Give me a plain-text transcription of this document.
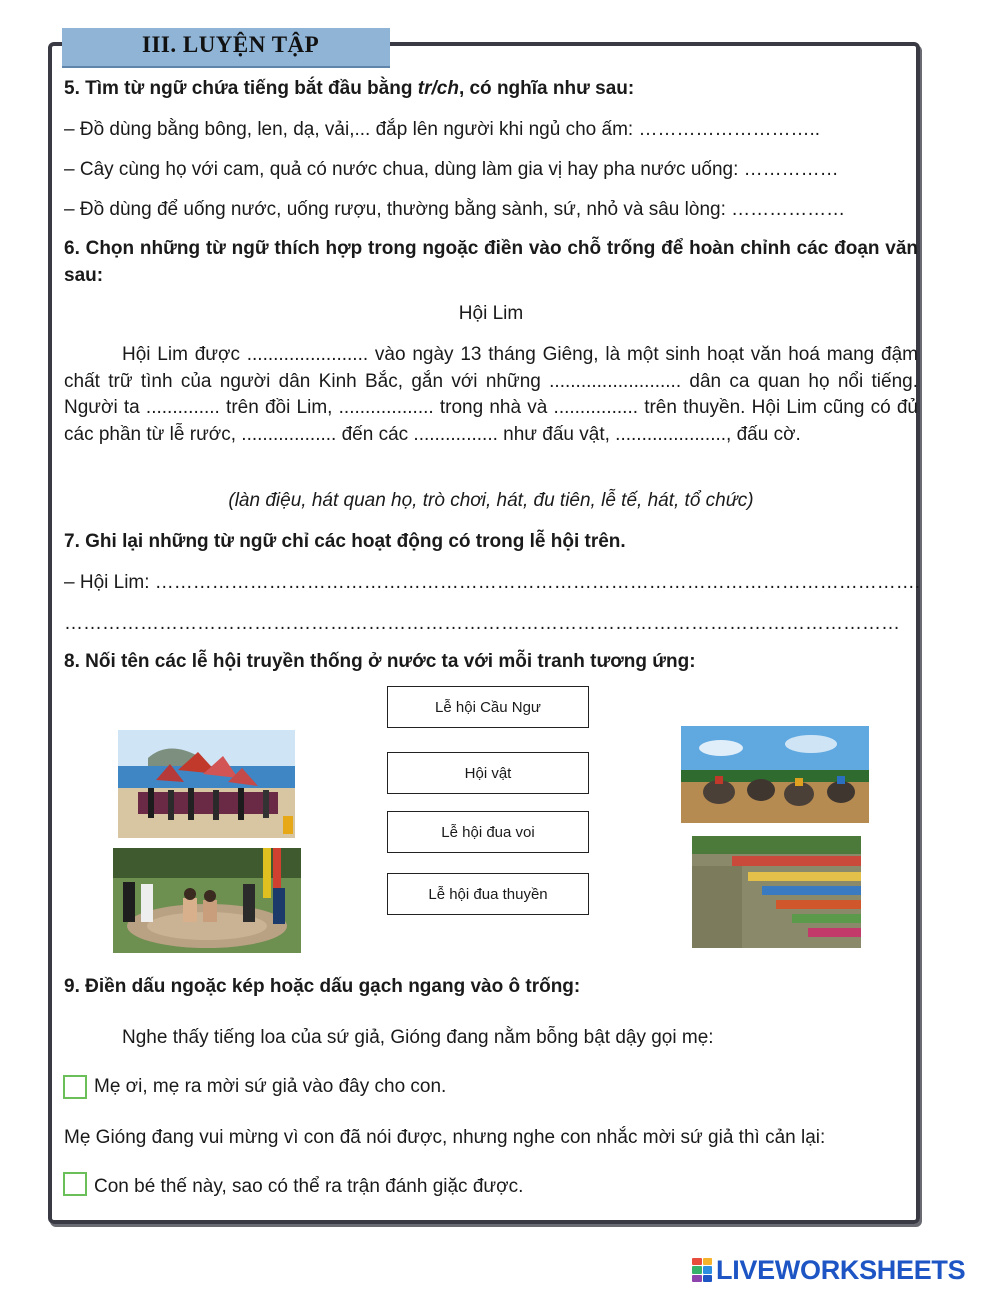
III. LUYỆN TẬP
5. Tìm từ ngữ chứa tiếng bắt đầu bằng tr/ch, có nghĩa như sau:
‒ Đồ dùng bằng bông, len, dạ, vải,... đắp lên người khi ngủ cho ấm: ………………………..
‒ Cây cùng họ với cam, quả có nước chua, dùng làm gia vị hay pha nước uống: ……………
‒ Đồ dùng để uống nước, uống rượu, thường bằng sành, sứ, nhỏ và sâu lòng: ………………
6. Chọn những từ ngữ thích hợp trong ngoặc điền vào chỗ trống để hoàn chỉnh các đoạn văn sau:
Hội Lim
Hội Lim được ....................... vào ngày 13 tháng Giêng, là một sinh hoạt văn hoá mang đậm chất trữ tình của người dân Kinh Bắc, gắn với những ......................... dân ca quan họ nổi tiếng. Người ta .............. trên đồi Lim, .................. trong nhà và ................ trên thuyền. Hội Lim cũng có đủ các phần từ lễ rước, .................. đến các ................ như đấu vật, ....................., đấu cờ.
(làn điệu, hát quan họ, trò chơi, hát, đu tiên, lễ tế, hát, tổ chức)
7. Ghi lại những từ ngữ chỉ các hoạt động có trong lễ hội trên.
‒ Hội Lim: ………………………………………………………………………………………………………….
……………………………………………………………………………………………………………………
8. Nối tên các lễ hội truyền thống ở nước ta với mỗi tranh tương ứng:
Lễ hội Cầu Ngư
Hội vật
Lễ hội đua voi
Lễ hội đua thuyền
9. Điền dấu ngoặc kép hoặc dấu gạch ngang vào ô trống:
Nghe thấy tiếng loa của sứ giả, Gióng đang nằm bỗng bật dậy gọi mẹ:
Mẹ ơi, mẹ ra mời sứ giả vào đây cho con.
Mẹ Gióng đang vui mừng vì con đã nói được, nhưng nghe con nhắc mời sứ giả thì cản lại:
Con bé thế này, sao có thể ra trận đánh giặc được.
LIVEWORKSHEETS
